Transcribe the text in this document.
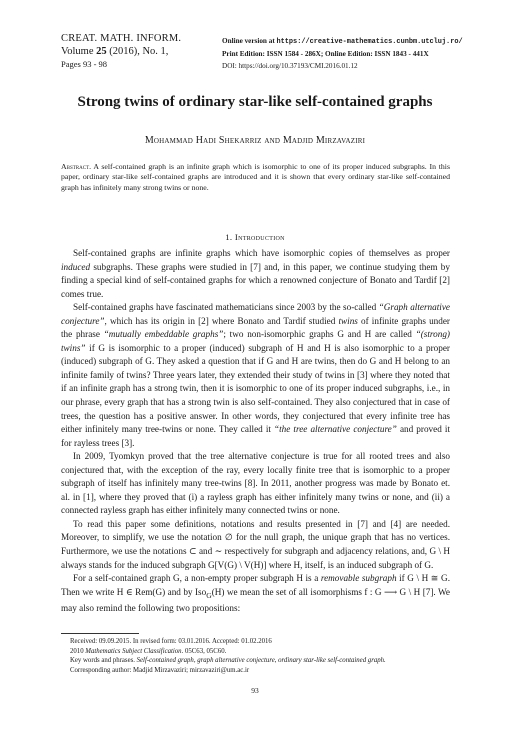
CREAT. MATH. INFORM.
Volume 25 (2016), No. 1,
Pages 93 - 98
Online version at https://creative-mathematics.cunbm.utcluj.ro/
Print Edition: ISSN 1584 - 286X; Online Edition: ISSN 1843 - 441X
DOI: https://doi.org/10.37193/CMI.2016.01.12
Strong twins of ordinary star-like self-contained graphs
Mohammad Hadi Shekarriz and Madjid Mirzavaziri
Abstract. A self-contained graph is an infinite graph which is isomorphic to one of its proper induced subgraphs. In this paper, ordinary star-like self-contained graphs are introduced and it is shown that every ordinary star-like self-contained graph has infinitely many strong twins or none.
1. Introduction

Self-contained graphs are infinite graphs which have isomorphic copies of themselves as proper induced subgraphs. These graphs were studied in [7] and, in this paper, we continue studying them by finding a special kind of self-contained graphs for which a renowned conjecture of Bonato and Tardif [2] comes true.

Self-contained graphs have fascinated mathematicians since 2003 by the so-called “Graph alternative conjecture”, which has its origin in [2] where Bonato and Tardif studied twins of infinite graphs under the phrase “mutually embeddable graphs”; two non-isomorphic graphs G and H are called “(strong) twins” if G is isomorphic to a proper (induced) subgraph of H and H is also isomorphic to a proper (induced) subgraph of G. They asked a question that if G and H are twins, then do G and H belong to an infinite family of twins? Three years later, they extended their study of twins in [3] where they noted that if an infinite graph has a strong twin, then it is isomorphic to one of its proper induced subgraphs, i.e., in our phrase, every graph that has a strong twin is also self-contained. They also conjectured that in case of trees, the question has a positive answer. In other words, they conjectured that every infinite tree has either infinitely many tree-twins or none. They called it “the tree alternative conjecture” and proved it for rayless trees [3].

In 2009, Tyomkyn proved that the tree alternative conjecture is true for all rooted trees and also conjectured that, with the exception of the ray, every locally finite tree that is isomorphic to a proper subgraph of itself has infinitely many tree-twins [8]. In 2011, another progress was made by Bonato et. al. in [1], where they proved that (i) a rayless graph has either infinitely many twins or none, and (ii) a connected rayless graph has either infinitely many connected twins or none.

To read this paper some definitions, notations and results presented in [7] and [4] are needed. Moreover, to simplify, we use the notation ∅ for the null graph, the unique graph that has no vertices. Furthermore, we use the notations ⊂ and ∼ respectively for subgraph and adjacency relations, and, G \ H always stands for the induced subgraph G[V(G) \ V(H)] where H, itself, is an induced subgraph of G.

For a self-contained graph G, a non-empty proper subgraph H is a removable subgraph if G \ H ≅ G. Then we write H ∈ Rem(G) and by Iso$_G$(H) we mean the set of all isomorphisms f : G ⟶ G \ H [7]. We may also remind the following two propositions:

Received: 09.09.2015. In revised form: 03.01.2016. Accepted: 01.02.2016
2010 Mathematics Subject Classification. 05C63, 05C60.
Key words and phrases. Self-contained graph, graph alternative conjecture, ordinary star-like self-contained graph.
Corresponding author: Madjid Mirzavaziri; mirzavaziri@um.ac.ir
93
